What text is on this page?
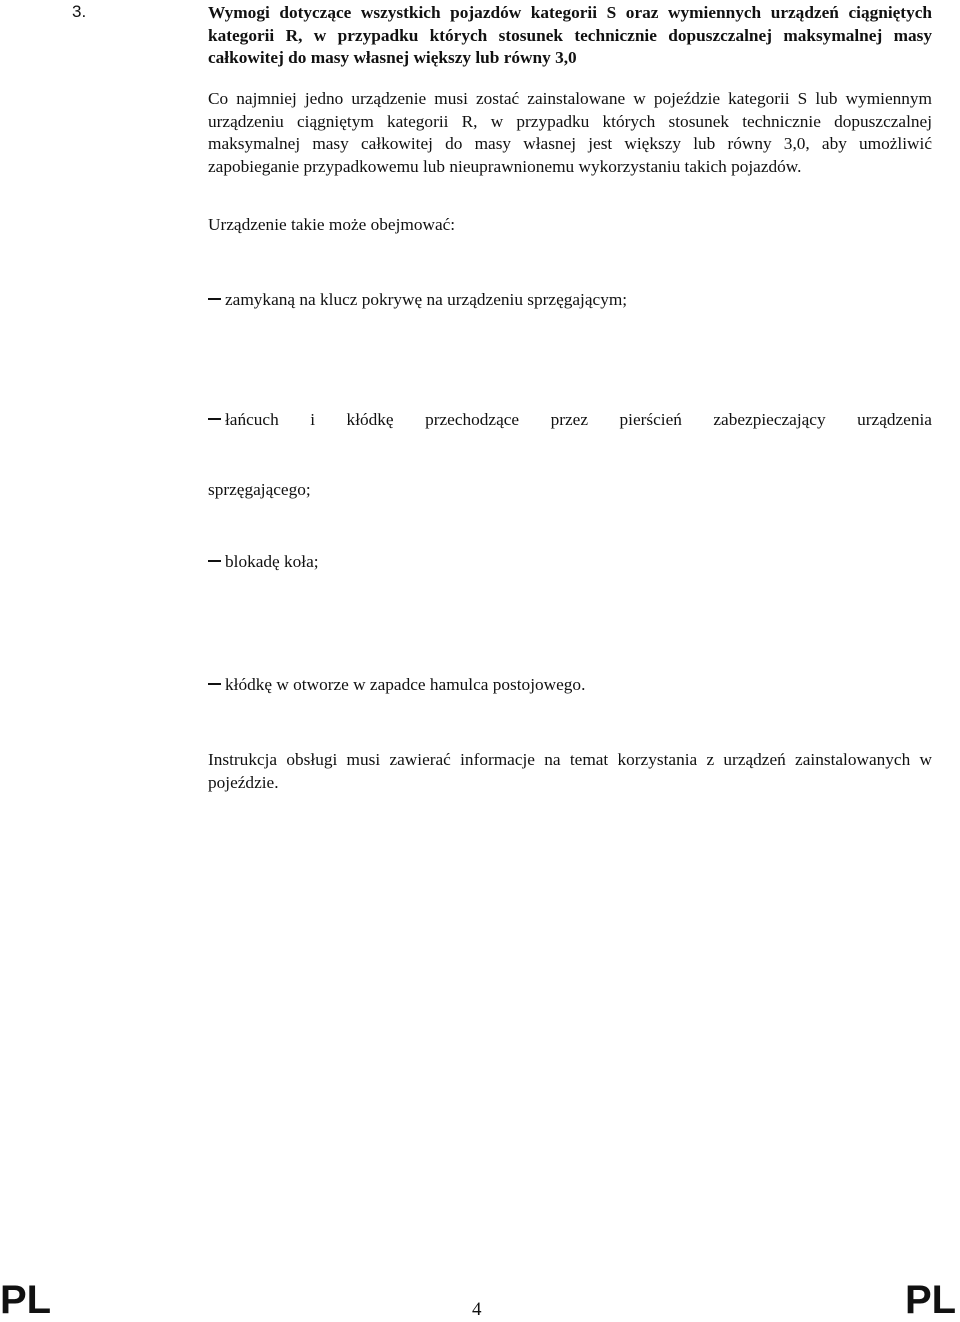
3.	Wymogi dotyczące wszystkich pojazdów kategorii S oraz wymiennych urządzeń ciągniętych kategorii R, w przypadku których stosunek technicznie dopuszczalnej maksymalnej masy całkowitej do masy własnej większy lub równy 3,0

Co najmniej jedno urządzenie musi zostać zainstalowane w pojeździe kategorii S lub wymiennym urządzeniu ciągniętym kategorii R, w przypadku których stosunek technicznie dopuszczalnej maksymalnej masy całkowitej do masy własnej jest większy lub równy 3,0, aby umożliwić zapobieganie przypadkowemu lub nieuprawnionemu wykorzystaniu takich pojazdów.

Urządzenie takie może obejmować:

zamykaną na klucz pokrywę na urządzeniu sprzęgającym;
łańcuch i kłódkę przechodzące przez pierścień zabezpieczający urządzenia
sprzęgającego;
blokadę koła;
kłódkę w otworze w zapadce hamulca postojowego.

Instrukcja obsługi musi zawierać informacje na temat korzystania z urządzeń zainstalowanych w pojeździe.

PL	4	PL
